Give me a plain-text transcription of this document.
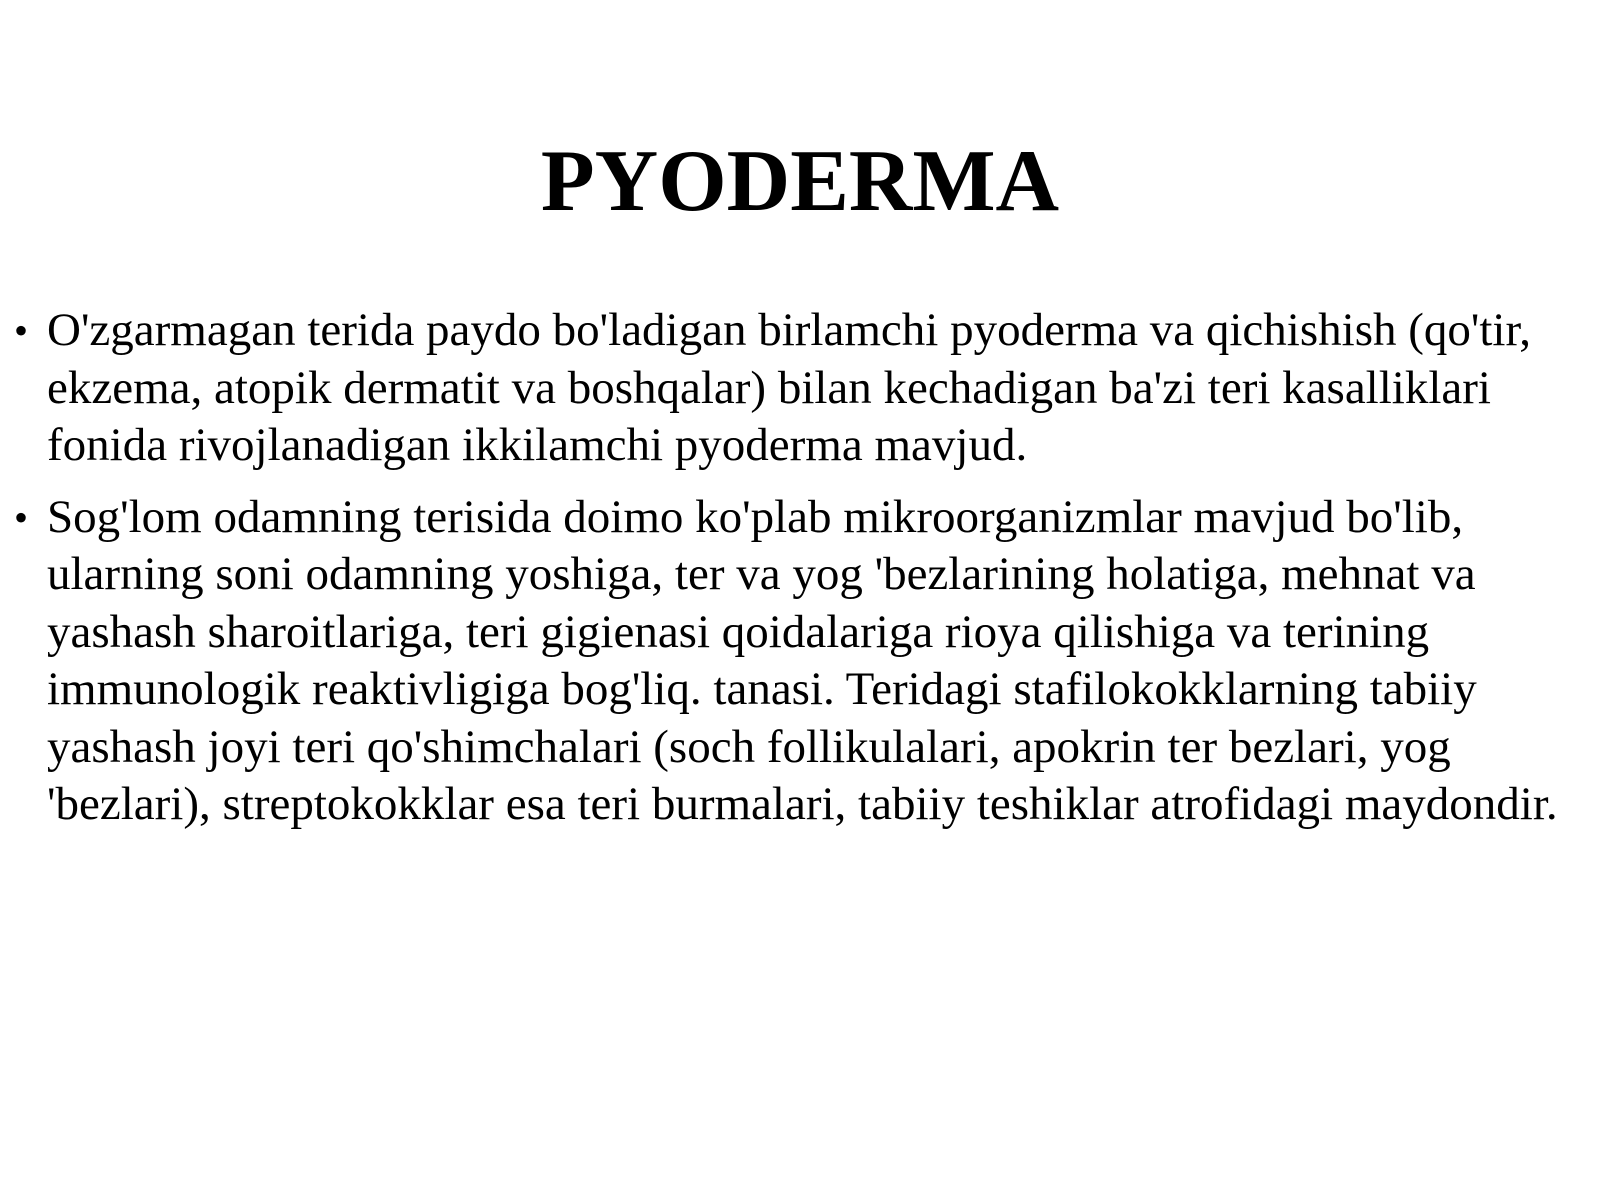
PYODERMA
• O'zgarmagan terida paydo bo'ladigan birlamchi pyoderma va qichishish (qo'tir, ekzema, atopik dermatit va boshqalar) bilan kechadigan ba'zi teri kasalliklari fonida rivojlanadigan ikkilamchi pyoderma mavjud.
• Sog'lom odamning terisida doimo ko'plab mikroorganizmlar mavjud bo'lib, ularning soni odamning yoshiga, ter va yog 'bezlarining holatiga, mehnat va yashash sharoitlariga, teri gigienasi qoidalariga rioya qilishiga va terining immunologik reaktivligiga bog'liq. tanasi. Teridagi stafilokokklarning tabiiy yashash joyi teri qo'shimchalari (soch follikulalari, apokrin ter bezlari, yog 'bezlari), streptokokklar esa teri burmalari, tabiiy teshiklar atrofidagi maydondir.
